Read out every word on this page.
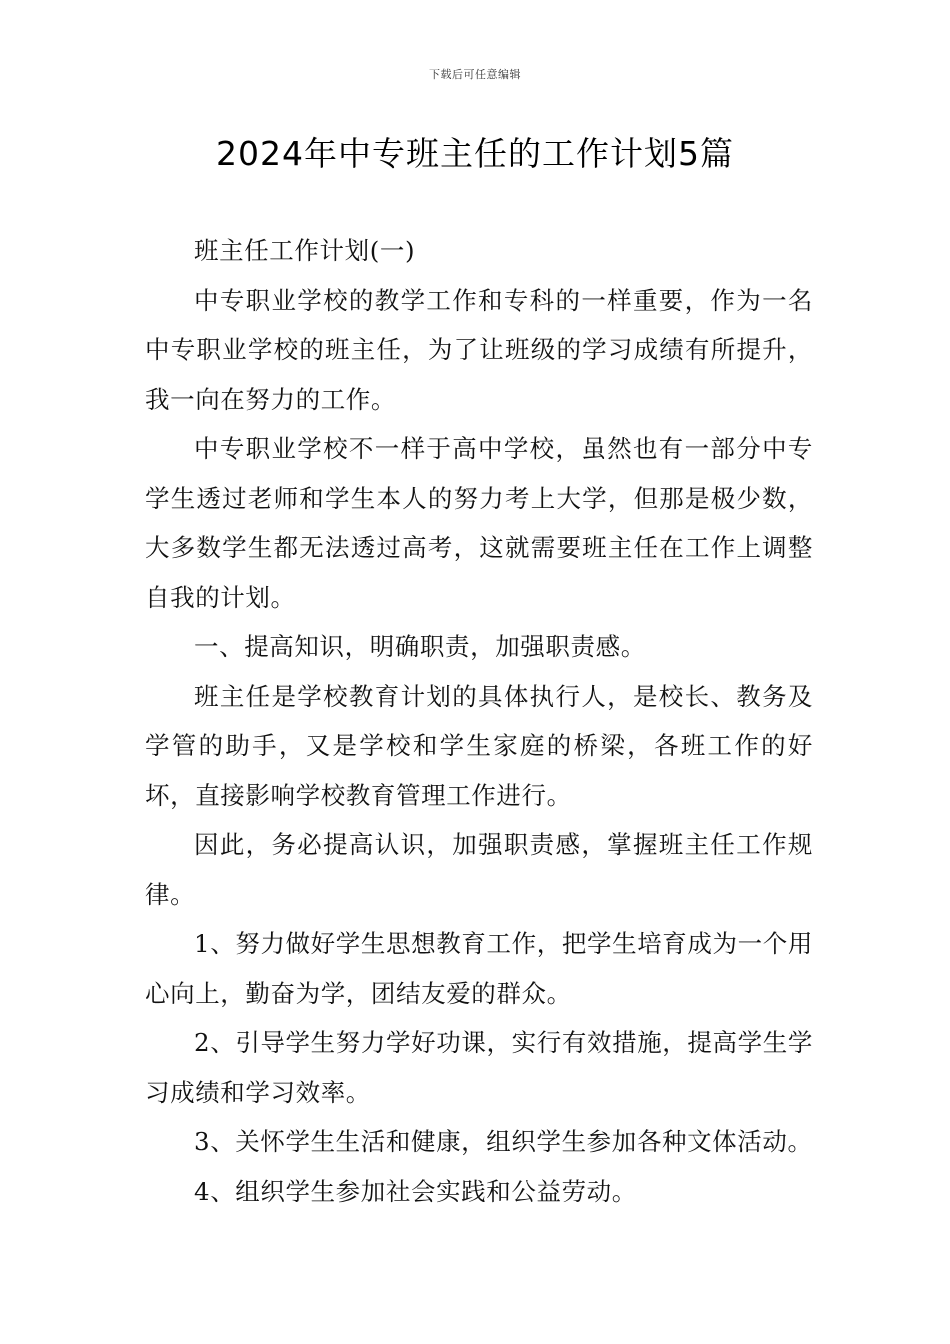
下载后可任意编辑
2024年中专班主任的工作计划5篇

班主任工作计划(一)

中专职业学校的教学工作和专科的一样重要，作为一名中专职业学校的班主任，为了让班级的学习成绩有所提升，我一向在努力的工作。

中专职业学校不一样于高中学校，虽然也有一部分中专学生透过老师和学生本人的努力考上大学，但那是极少数，大多数学生都无法透过高考，这就需要班主任在工作上调整自我的计划。

一、提高知识，明确职责，加强职责感。

班主任是学校教育计划的具体执行人，是校长、教务及学管的助手，又是学校和学生家庭的桥梁，各班工作的好坏，直接影响学校教育管理工作进行。

因此，务必提高认识，加强职责感，掌握班主任工作规律。

1、努力做好学生思想教育工作，把学生培育成为一个用心向上，勤奋为学，团结友爱的群众。

2、引导学生努力学好功课，实行有效措施，提高学生学习成绩和学习效率。

3、关怀学生生活和健康，组织学生参加各种文体活动。

4、组织学生参加社会实践和公益劳动。
